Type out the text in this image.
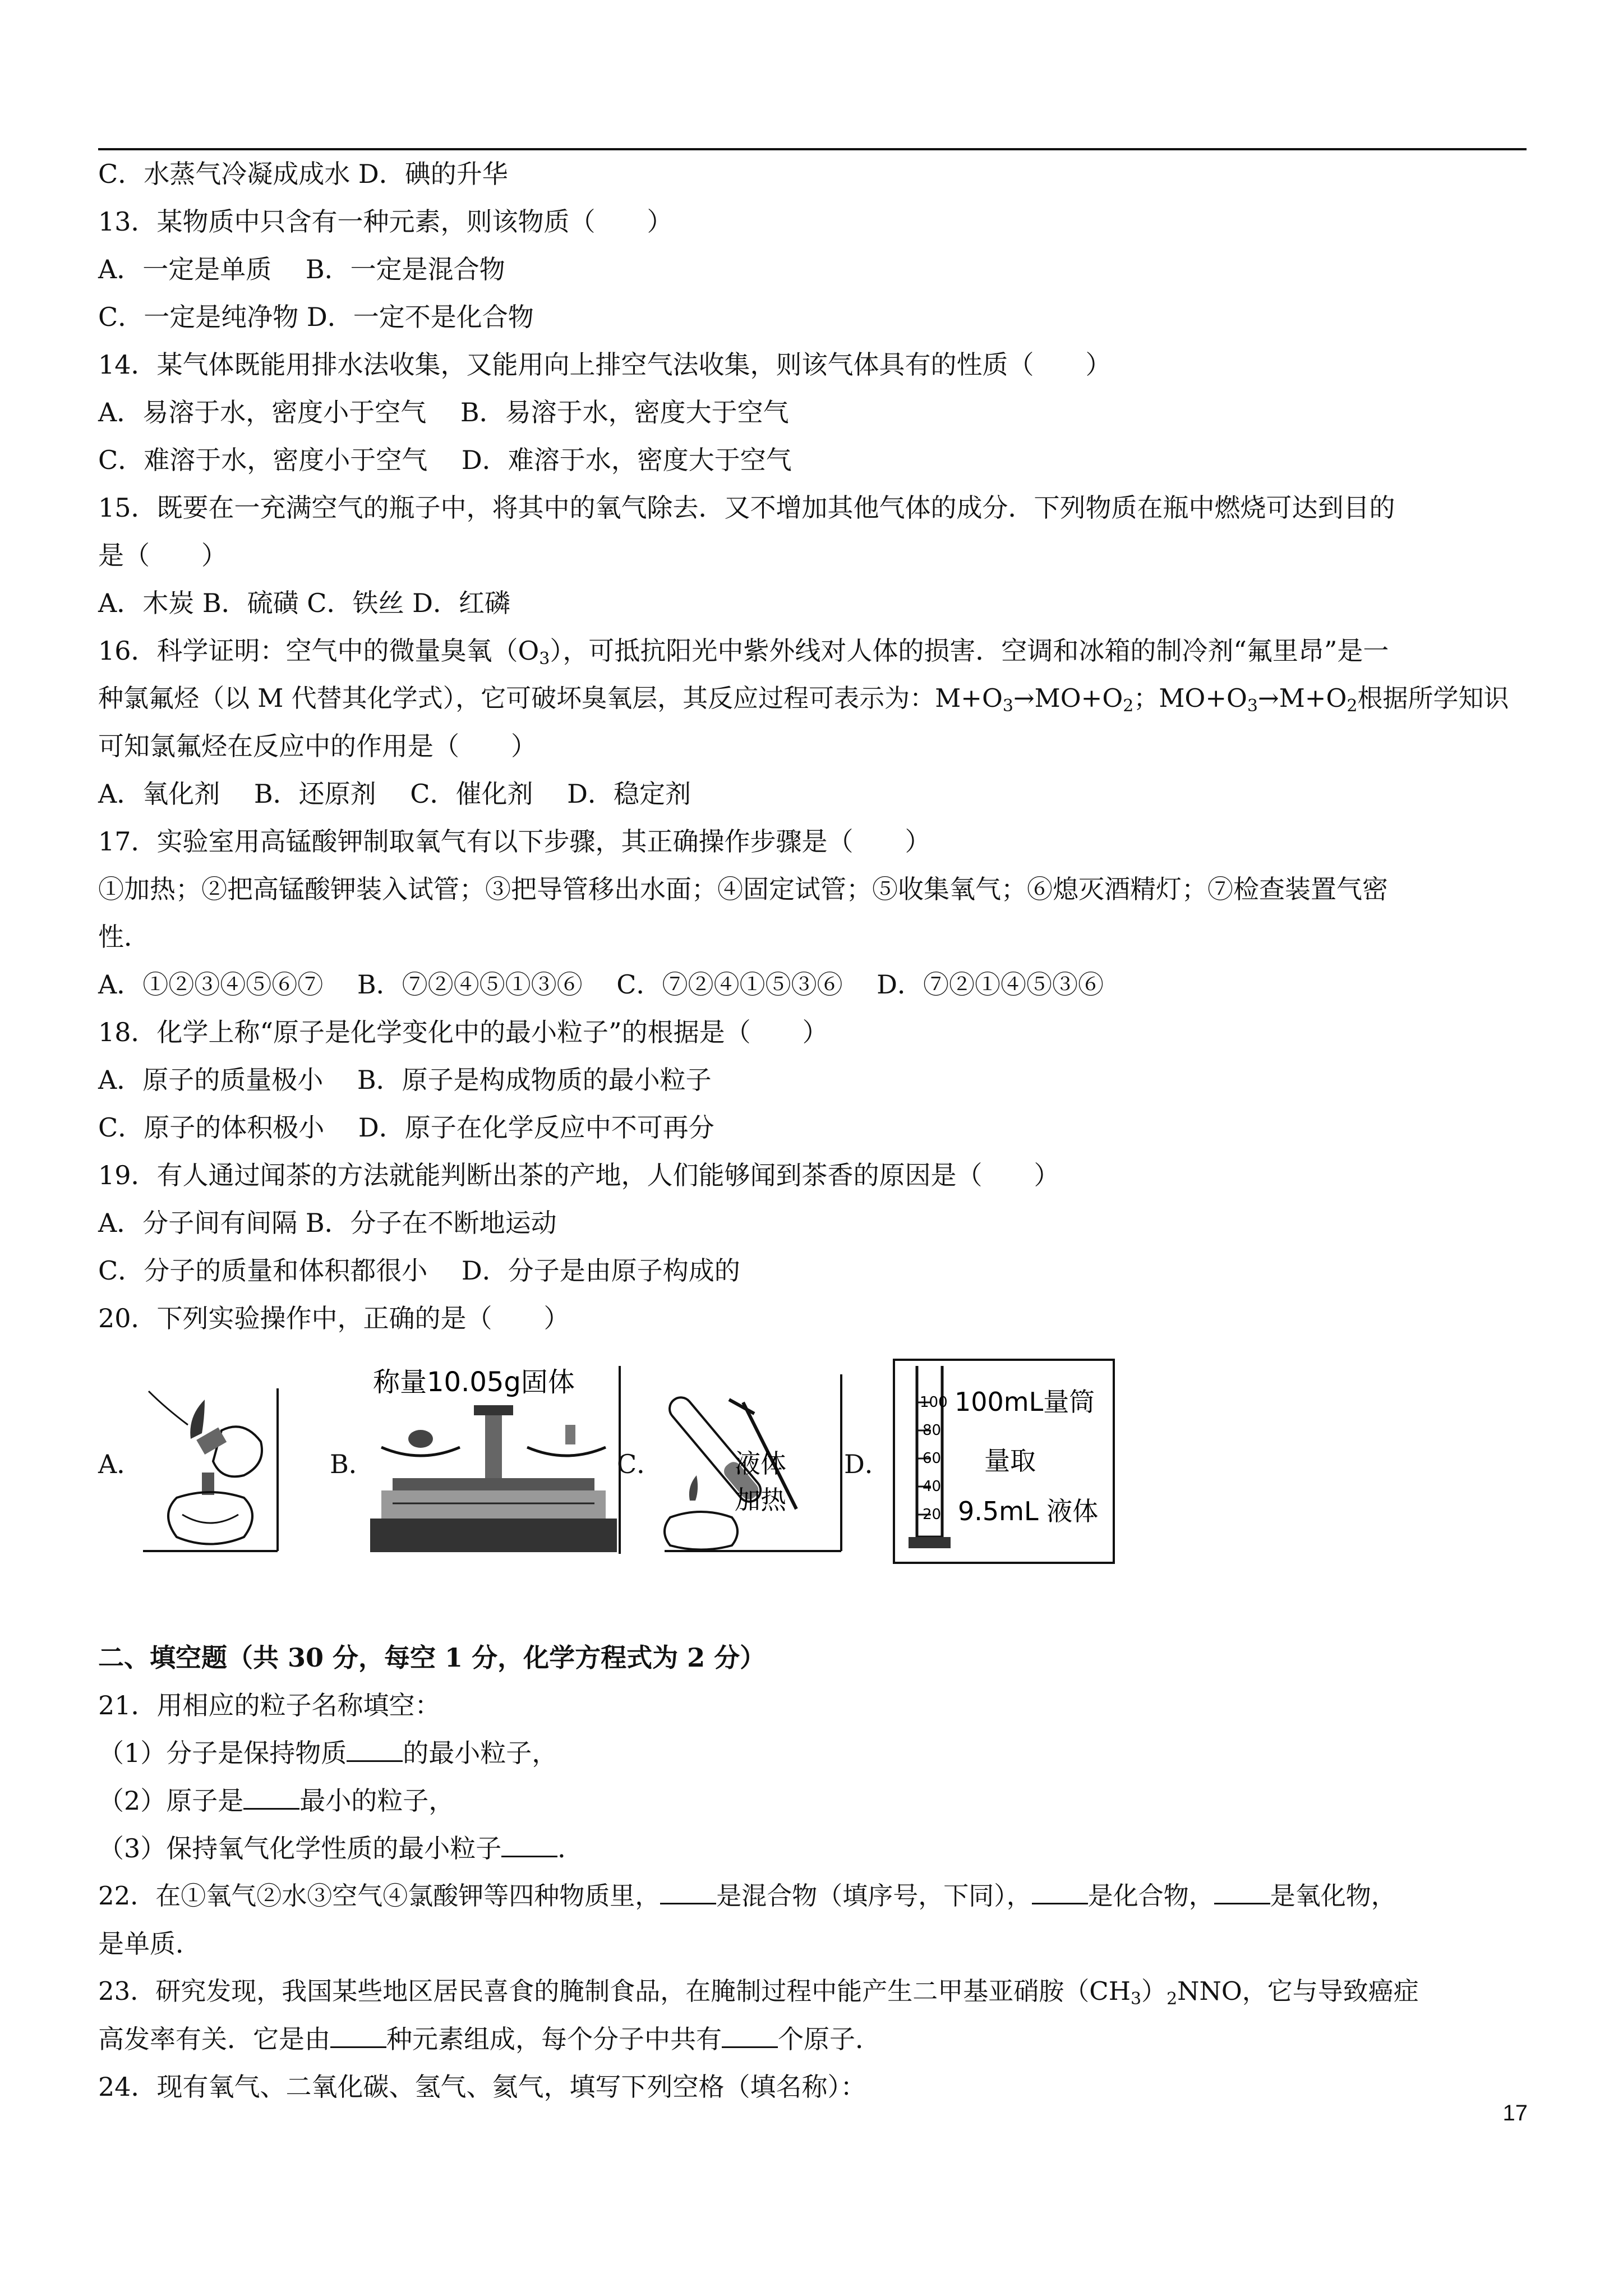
C．水蒸气冷凝成成水 D．碘的升华
13．某物质中只含有一种元素，则该物质（　　）
A．一定是单质　 B．一定是混合物
C．一定是纯净物 D．一定不是化合物
14．某气体既能用排水法收集，又能用向上排空气法收集，则该气体具有的性质（　　）
A．易溶于水，密度小于空气　 B．易溶于水，密度大于空气
C．难溶于水，密度小于空气　 D．难溶于水，密度大于空气
15．既要在一充满空气的瓶子中，将其中的氧气除去．又不增加其他气体的成分．下列物质在瓶中燃烧可达到目的
是（　　）
A．木炭 B．硫磺 C．铁丝 D．红磷
16．科学证明：空气中的微量臭氧$(O_3)$，可抵抗阳光中紫外线对人体的损害．空调和冰箱的制冷剂“氟里昂”是一
种氯氟烃（以 M 代替其化学式），它可破坏臭氧层，其反应过程可表示为：$M+O_3\to MO+O_2$；$MO+O_3\to M+O_2$根据所学知识
可知氯氟烃在反应中的作用是（　　）
A．氧化剂　 B．还原剂　 C．催化剂　 D．稳定剂
17．实验室用高锰酸钾制取氧气有以下步骤，其正确操作步骤是（　　）
①加热；②把高锰酸钾装入试管；③把导管移出水面；④固定试管；⑤收集氧气；⑥熄灭酒精灯；⑦检查装置气密
性．
A．①②③④⑤⑥⑦　 B．⑦②④⑤①③⑥　 C．⑦②④①⑤③⑥　 D．⑦②①④⑤③⑥
18．化学上称“原子是化学变化中的最小粒子”的根据是（　　）
A．原子的质量极小　 B．原子是构成物质的最小粒子
C．原子的体积极小　 D．原子在化学反应中不可再分
19．有人通过闻茶的方法就能判断出茶的产地，人们能够闻到茶香的原因是（　　）
A．分子间有间隔 B．分子在不断地运动
C．分子的质量和体积都很小　 D．分子是由原子构成的
20．下列实验操作中，正确的是（　　）
A．	B．
称量10.05g固体
C．	液体
加热
D．
100
80
60
40
20
100mL量筒
量取
9.5mL 液体
二、填空题（共 30 分，每空 1 分，化学方程式为 2 分）
21．用相应的粒子名称填空：
（1）分子是保持物质 的最小粒子，
（2）原子是 最小的粒子，
（3）保持氧气化学性质的最小粒子 ．
22．在①氧气②水③空气④氯酸钾等四种物质里， 是混合物（填序号，下同）， 是化合物， 是氧化物，
是单质．
23．研究发现，我国某些地区居民喜食的腌制食品，在腌制过程中能产生二甲基亚硝胺$(CH_3)_2NNO$，它与导致癌症
高发率有关．它是由 种元素组成，每个分子中共有 个原子．
24．现有氧气、二氧化碳、氢气、氦气，填写下列空格（填名称）：
17
